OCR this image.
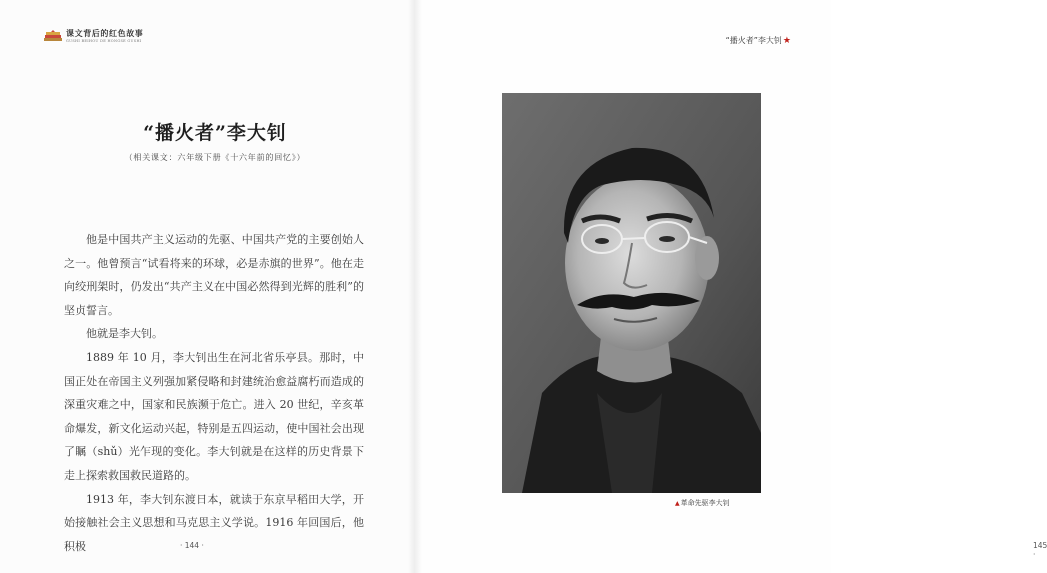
课文背后的红色故事
GUSHI BEIHOU DE HONGSE GUSHI
“播火者”李大钊
（相关课文：六年级下册《十六年前的回忆》）

他是中国共产主义运动的先驱、中国共产党的主要创始人之一。他曾预言“试看将来的环球，必是赤旗的世界”。他在走向绞刑架时，仍发出“共产主义在中国必然得到光辉的胜利”的坚贞誓言。

他就是李大钊。

1889 年 10 月，李大钊出生在河北省乐亭县。那时，中国正处在帝国主义列强加紧侵略和封建统治愈益腐朽而造成的深重灾难之中，国家和民族濒于危亡。进入 20 世纪，辛亥革命爆发，新文化运动兴起，特别是五四运动，使中国社会出现了瞩（shǔ）光乍现的变化。李大钊就是在这样的历史背景下走上探索救国救民道路的。

1913 年，李大钊东渡日本，就读于东京早稻田大学，开始接触社会主义思想和马克思主义学说。1916 年回国后，他积极	· 144 ·
“播火者”李大钊★
145 ·
▲革命先驱李大钊
